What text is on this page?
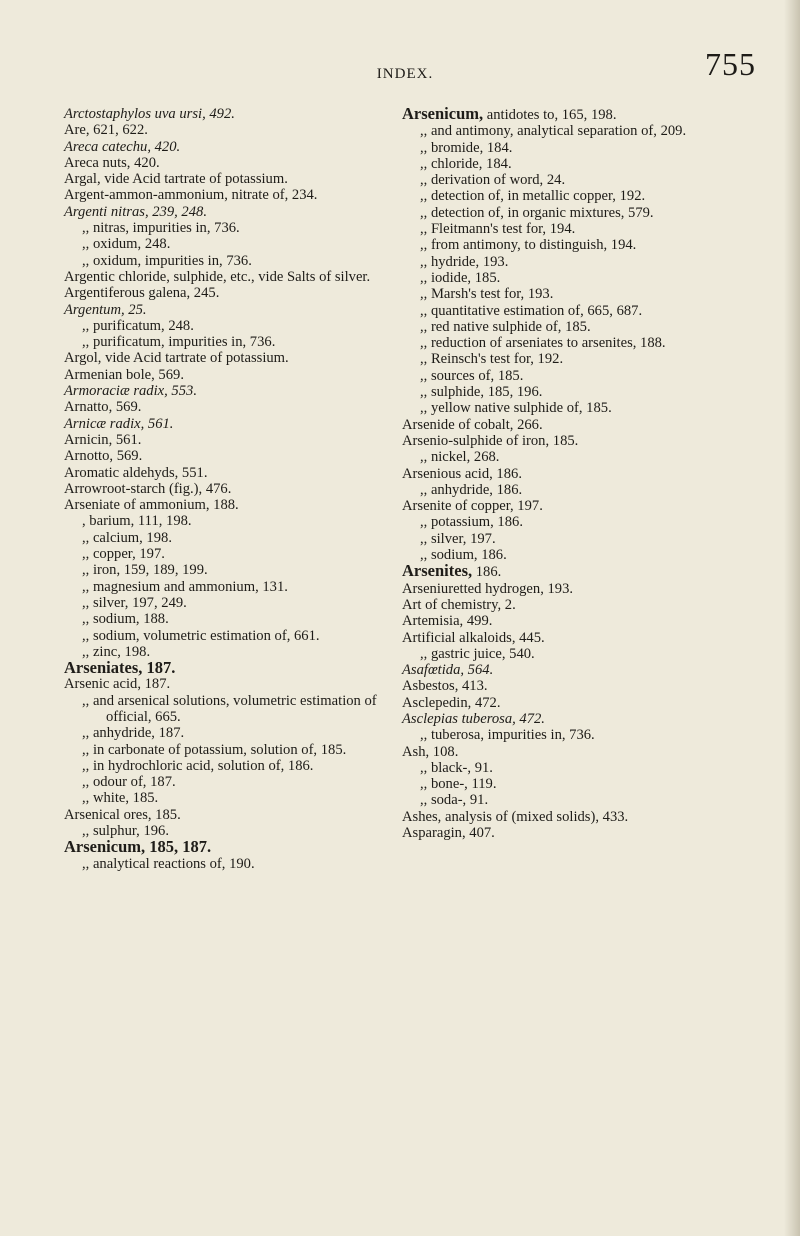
INDEX.	755
Arctostaphylos uva ursi, 492.
Are, 621, 622.
Areca catechu, 420.
Areca nuts, 420.
Argal, vide Acid tartrate of potassium.
Argent-ammon-ammonium, nitrate of, 234.
Argenti nitras, 239, 248.
,, nitras, impurities in, 736.
,, oxidum, 248.
,, oxidum, impurities in, 736.
Argentic chloride, sulphide, etc., vide Salts of silver.
Argentiferous galena, 245.
Argentum, 25.
,, purificatum, 248.
,, purificatum, impurities in, 736.
Argol, vide Acid tartrate of potassium.
Armenian bole, 569.
Armoraciæ radix, 553.
Arnatto, 569.
Arnicæ radix, 561.
Arnicin, 561.
Arnotto, 569.
Aromatic aldehyds, 551.
Arrowroot-starch (fig.), 476.
Arseniate of ammonium, 188.
, barium, 111, 198.
,, calcium, 198.
,, copper, 197.
,, iron, 159, 189, 199.
,, magnesium and ammonium, 131.
,, silver, 197, 249.
,, sodium, 188.
,, sodium, volumetric estimation of, 661.
,, zinc, 198.
Arseniates, 187.
Arsenic acid, 187.
,, and arsenical solutions, volumetric estimation of official, 665.
,, anhydride, 187.
,, in carbonate of potassium, solution of, 185.
,, in hydrochloric acid, solution of, 186.
,, odour of, 187.
,, white, 185.
Arsenical ores, 185.
,, sulphur, 196.
Arsenicum, 185, 187.
,, analytical reactions of, 190.
Arsenicum, antidotes to, 165, 198.
,, and antimony, analytical separation of, 209.
,, bromide, 184.
,, chloride, 184.
,, derivation of word, 24.
,, detection of, in metallic copper, 192.
,, detection of, in organic mixtures, 579.
,, Fleitmann's test for, 194.
,, from antimony, to distinguish, 194.
,, hydride, 193.
,, iodide, 185.
,, Marsh's test for, 193.
,, quantitative estimation of, 665, 687.
,, red native sulphide of, 185.
,, reduction of arseniates to arsenites, 188.
,, Reinsch's test for, 192.
,, sources of, 185.
,, sulphide, 185, 196.
,, yellow native sulphide of, 185.
Arsenide of cobalt, 266.
Arsenio-sulphide of iron, 185.
,, nickel, 268.
Arsenious acid, 186.
,, anhydride, 186.
Arsenite of copper, 197.
,, potassium, 186.
,, silver, 197.
,, sodium, 186.
Arsenites, 186.
Arseniuretted hydrogen, 193.
Art of chemistry, 2.
Artemisia, 499.
Artificial alkaloids, 445.
,, gastric juice, 540.
Asafœtida, 564.
Asbestos, 413.
Asclepedin, 472.
Asclepias tuberosa, 472.
,, tuberosa, impurities in, 736.
Ash, 108.
,, black-, 91.
,, bone-, 119.
,, soda-, 91.
Ashes, analysis of (mixed solids), 433.
Asparagin, 407.
